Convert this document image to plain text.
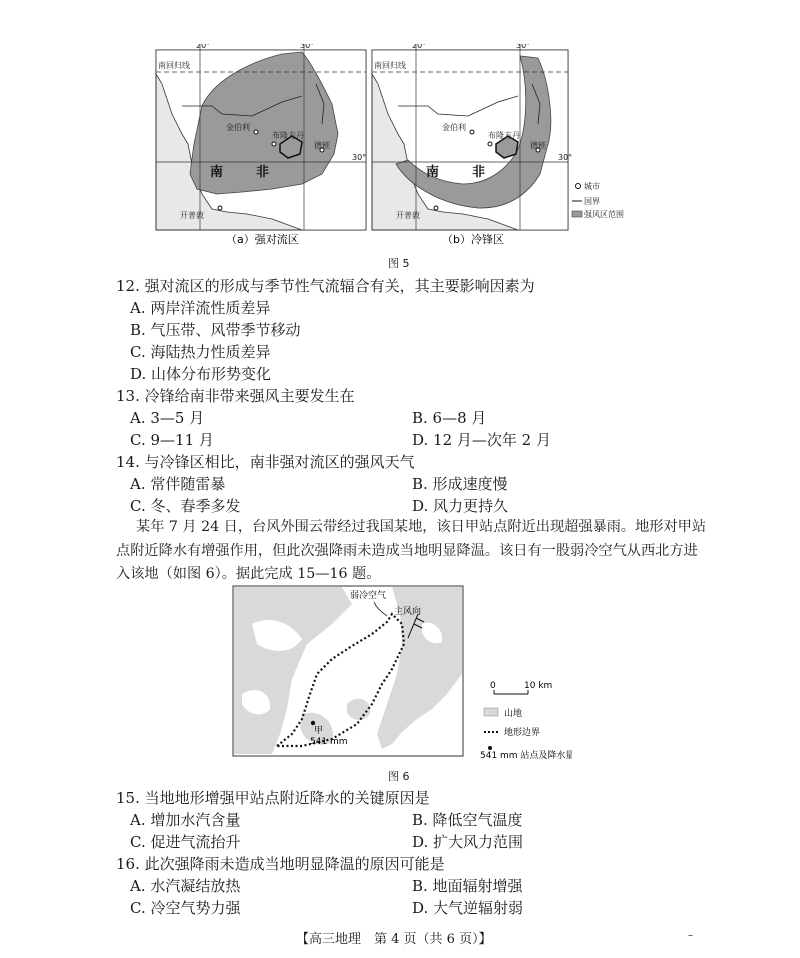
20°	30°
30°
南回归线
金伯利
布隆方丹
德班
开普敦
南	非
（a）强对流区
20°	30°
30°
南回归线
金伯利
布隆方丹
德班
开普敦
南	非
（b）冷锋区
城市
国界
强风区范围
图 5
12. 强对流区的形成与季节性气流辐合有关，其主要影响因素为
A. 两岸洋流性质差异
B. 气压带、风带季节移动
C. 海陆热力性质差异
D. 山体分布形势变化
13. 冷锋给南非带来强风主要发生在
A. 3—5 月	B. 6—8 月
C. 9—11 月	D. 12 月—次年 2 月
14. 与冷锋区相比，南非强对流区的强风天气
A. 常伴随雷暴	B. 形成速度慢
C. 冬、春季多发	D. 风力更持久
某年 7 月 24 日，台风外围云带经过我国某地，该日甲站点附近出现超强暴雨。地形对甲站
点附近降水有增强作用，但此次强降雨未造成当地明显降温。该日有一股弱冷空气从西北方进
入该地（如图 6）。据此完成 15—16 题。
弱冷空气
主风向
甲
541 mm
0	10 km
山地
地形边界
541 mm 站点及降水量
图 6
15. 当地地形增强甲站点附近降水的关键原因是
A. 增加水汽含量	B. 降低空气温度
C. 促进气流抬升	D. 扩大风力范围
16. 此次强降雨未造成当地明显降温的原因可能是
A. 水汽凝结放热	B. 地面辐射增强
C. 冷空气势力强	D. 大气逆辐射弱
【高三地理　第 4 页（共 6 页）】	–
